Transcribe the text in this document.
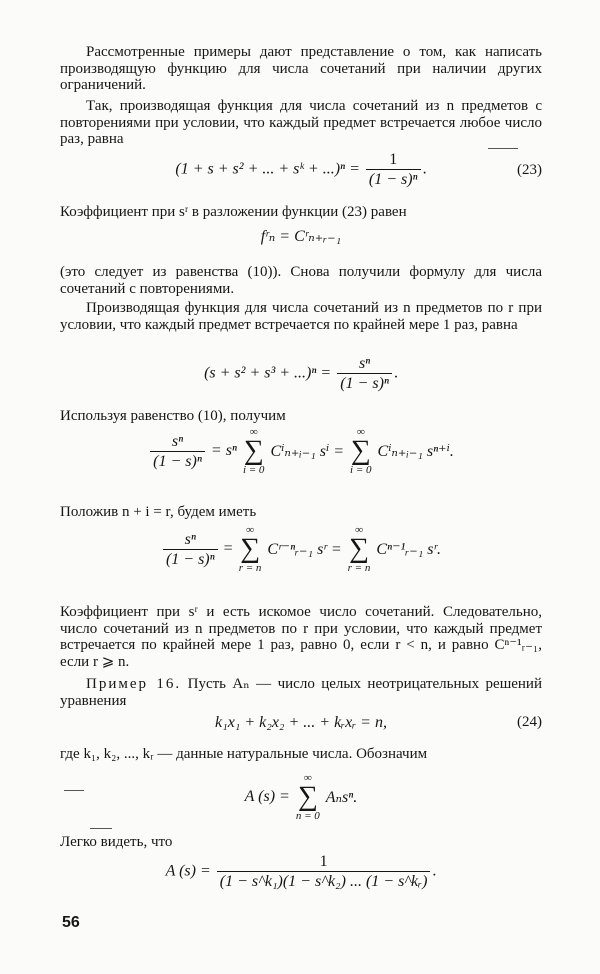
Рассмотренные примеры дают представление о том, как написать производящую функцию для числа сочетаний при наличии других ограничений.

Так, производящая функция для числа сочетаний из n предметов с повторениями при условии, что каждый предмет встречается любое число раз, равна

(1 + s + s² + ... + sᵏ + $...)^n = \frac{1}{\text{(1 − s)ⁿ}}$ .	(23)

Коэффициент при sʳ в разложении функции (23) равен

fʳₙ = Cʳₙ₊ᵣ₋₁

(это следует из равенства (10)). Снова получили формулу для числа сочетаний с повторениями.

Производящая функция для числа сочетаний из n предметов по r при условии, что каждый предмет встречается по крайней мере 1 раз, равна

$(s + s^2 + s^3 + ...)^n = \frac{\text{sⁿ}}{\text{(1 − s)ⁿ}}$ .

Используя равенство (10), получим

$\frac{\text{sⁿ}}{\text{(1 − s)ⁿ}} = s^n$
∞
∑
i = 0
Cⁱₙ₊ᵢ₋₁ sⁱ =
∞
∑
i = 0
Cⁱₙ₊ᵢ₋₁ sⁿ⁺ⁱ.

Положив n + i = r, будем иметь

$\frac{\text{sⁿ}}{\text{(1 − s)ⁿ}}$ =
∞
∑
r = n
Cʳ⁻ⁿᵣ₋₁ sʳ =
∞
∑
r = n
Cⁿ⁻¹ᵣ₋₁ sʳ.

Коэффициент при sʳ и есть искомое число сочетаний. Следовательно, число сочетаний из n предметов по r при условии, что каждый предмет встречается по крайней мере 1 раз, равно 0, если r < n, и равно Cⁿ⁻¹ᵣ₋₁, если r ⩾ n.

Пример 16. Пусть Aₙ — число целых неотрицательных решений уравнения

k₁x₁ + k₂x₂ + ... + kᵣxᵣ = n,	(24)

где k₁, k₂, ..., kᵣ — данные натуральные числа. Обозначим

A (s) =
∞
∑
n = 0
Aₙsⁿ.

Легко видеть, что

A $(s) = \frac{1}{\text{(1 − s\textasciicircum{}k₁)(1 − s\textasciicircum{}k₂) ... (1 − s\textasciicircum{}kᵣ)}}$ .
56
